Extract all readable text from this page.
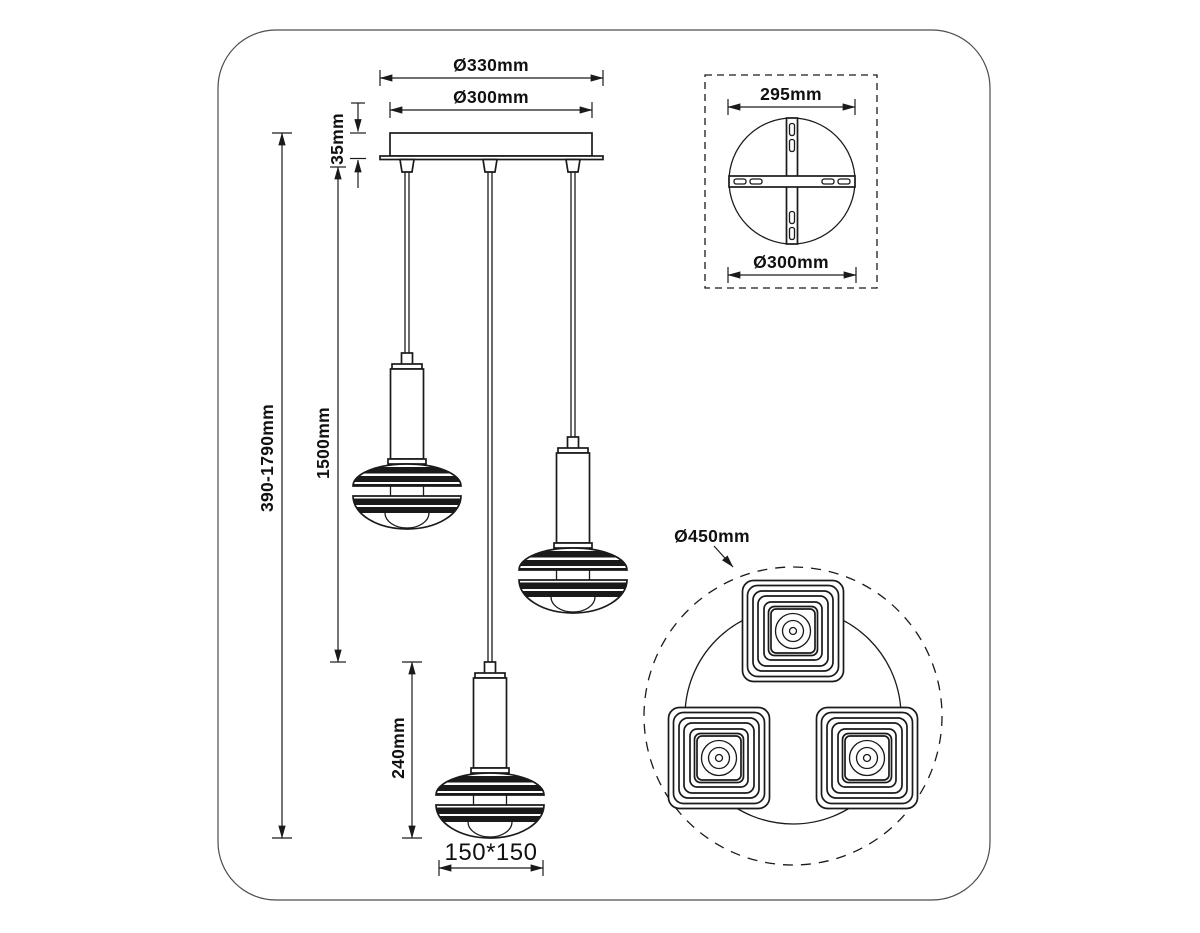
Ø330mm
Ø300mm
35mm
390-1790mm 1500mm
240mm
150*150
295mm
Ø300mm
Ø450mm
